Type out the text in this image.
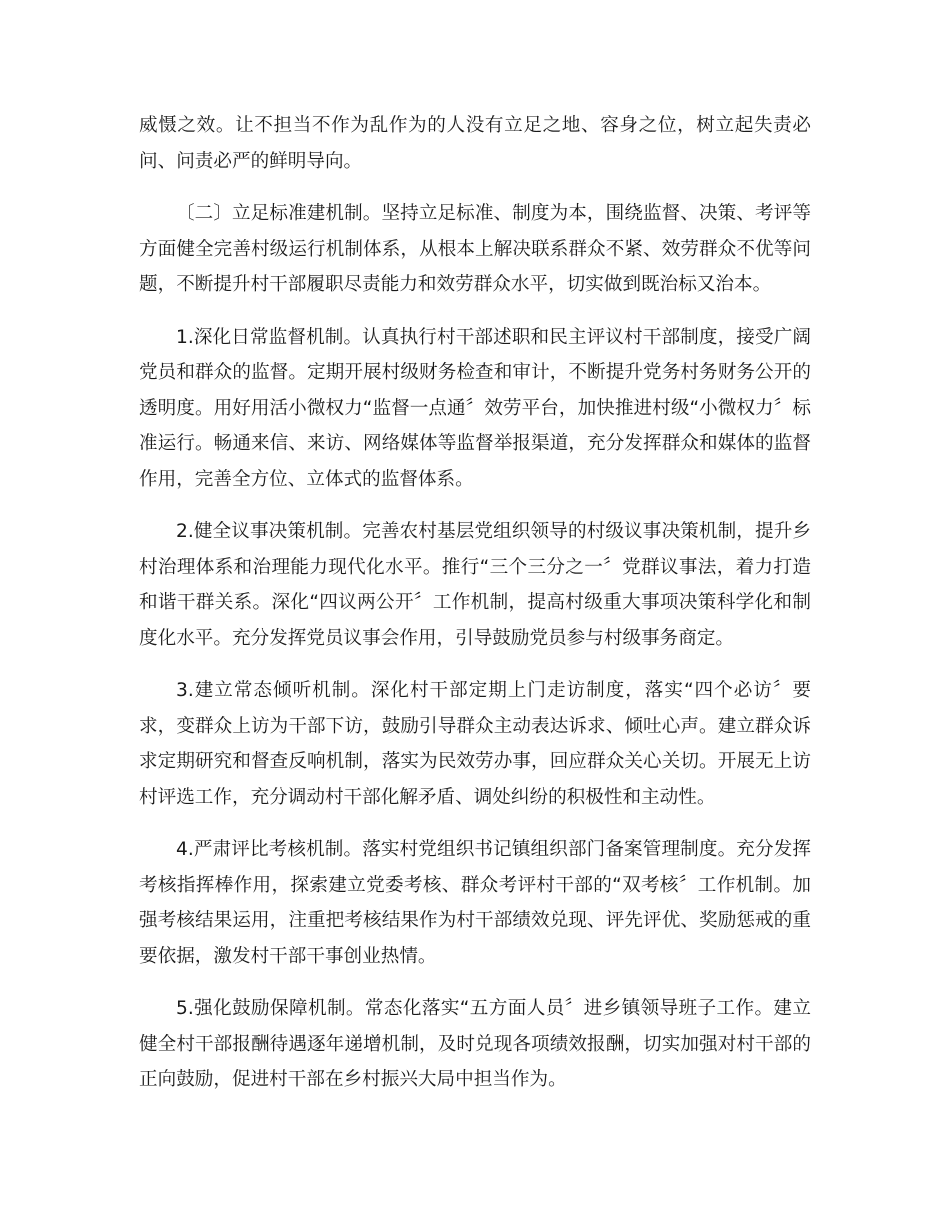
威慑之效。让不担当不作为乱作为的人没有立足之地、容身之位，树立起失责必问、问责必严的鲜明导向。

〔二〕立足标准建机制。坚持立足标准、制度为本，围绕监督、决策、考评等方面健全完善村级运行机制体系，从根本上解决联系群众不紧、效劳群众不优等问题，不断提升村干部履职尽责能力和效劳群众水平，切实做到既治标又治本。

1.深化日常监督机制。认真执行村干部述职和民主评议村干部制度，接受广阔党员和群众的监督。定期开展村级财务检查和审计，不断提升党务村务财务公开的透明度。用好用活小微权力“监督一点通〞效劳平台，加快推进村级“小微权力〞标准运行。畅通来信、来访、网络媒体等监督举报渠道，充分发挥群众和媒体的监督作用，完善全方位、立体式的监督体系。

2.健全议事决策机制。完善农村基层党组织领导的村级议事决策机制，提升乡村治理体系和治理能力现代化水平。推行“三个三分之一〞党群议事法，着力打造和谐干群关系。深化“四议两公开〞工作机制，提高村级重大事项决策科学化和制度化水平。充分发挥党员议事会作用，引导鼓励党员参与村级事务商定。

3.建立常态倾听机制。深化村干部定期上门走访制度，落实“四个必访〞要求，变群众上访为干部下访，鼓励引导群众主动表达诉求、倾吐心声。建立群众诉求定期研究和督查反响机制，落实为民效劳办事，回应群众关心关切。开展无上访村评选工作，充分调动村干部化解矛盾、调处纠纷的积极性和主动性。

4.严肃评比考核机制。落实村党组织书记镇组织部门备案管理制度。充分发挥考核指挥棒作用，探索建立党委考核、群众考评村干部的“双考核〞工作机制。加强考核结果运用，注重把考核结果作为村干部绩效兑现、评先评优、奖励惩戒的重要依据，激发村干部干事创业热情。

5.强化鼓励保障机制。常态化落实“五方面人员〞进乡镇领导班子工作。建立健全村干部报酬待遇逐年递增机制，及时兑现各项绩效报酬，切实加强对村干部的正向鼓励，促进村干部在乡村振兴大局中担当作为。
